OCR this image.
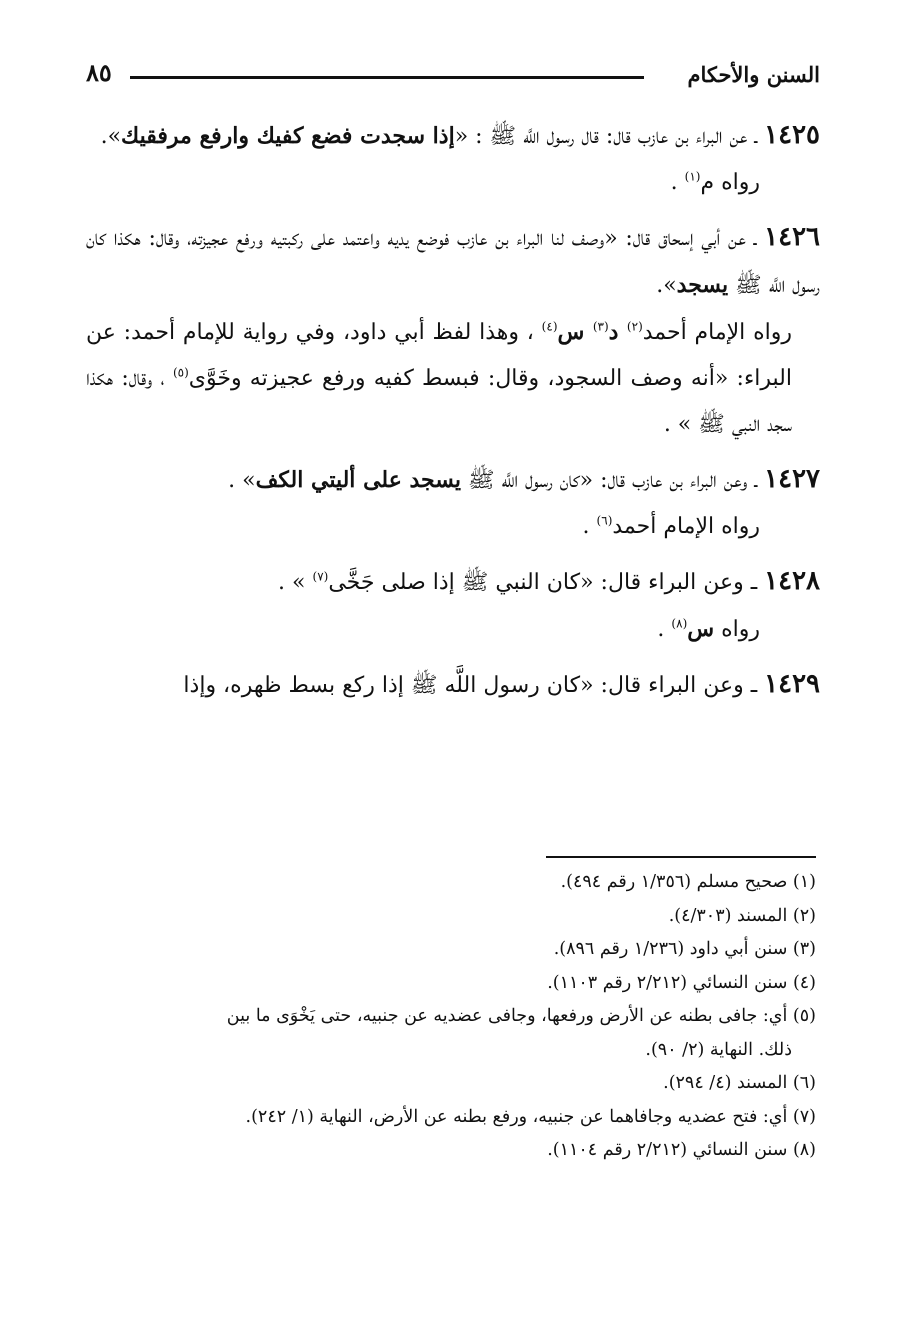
السنن والأحكام
٨٥

١٤٢٥ ـ عن البراء بن عازب قال: قال رسول اللَّه ﷺ : «إذا سجدت فضع كفيك وارفع مرفقيك».

رواه م$^{(١)}$ .

١٤٢٦ ـ عن أبي إسحاق قال: «وصف لنا البراء بن عازب فوضع يديه واعتمد على ركبتيه ورفع عجيزته، وقال: هكذا كان رسول اللَّه ﷺ يسجد».

رواه الإمام أحمد$^{(٢)}$ د$^{(٣)}$ س$^{(٤)}$ ، وهذا لفظ أبي داود، وفي رواية للإمام أحمد: عن البراء: «أنه وصف السجود، وقال: فبسط كفيه ورفع عجيزته وخَوَّى$^{(٥)}$ ، وقال: هكذا سجد النبي ﷺ » .

١٤٢٧ ـ وعن البراء بن عازب قال: «كان رسول اللَّه ﷺ يسجد على أليتي الكف» .

رواه الإمام أحمد$^{(٦)}$ .

١٤٢٨ ـ وعن البراء قال: «كان النبي ﷺ إذا صلى جَخَّى$^{(٧)}$ » .

رواه س$^{(٨)}$ .

١٤٢٩ ـ وعن البراء قال: «كان رسول اللَّه ﷺ إذا ركع بسط ظهره، وإذا

(١) صحيح مسلم (١/٣٥٦ رقم ٤٩٤).

(٢) المسند (٤/٣٠٣).

(٣) سنن أبي داود (١/٢٣٦ رقم ٨٩٦).

(٤) سنن النسائي (٢/٢١٢ رقم ١١٠٣).

(٥) أي: جافى بطنه عن الأرض ورفعها، وجافى عضديه عن جنبيه، حتى يَخْوَى ما بين

ذلك. النهاية (٢/ ٩٠).

(٦) المسند (٤/ ٢٩٤).

(٧) أي: فتح عضديه وجافاهما عن جنبيه، ورفع بطنه عن الأرض، النهاية (١/ ٢٤٢).

(٨) سنن النسائي (٢/٢١٢ رقم ١١٠٤).
